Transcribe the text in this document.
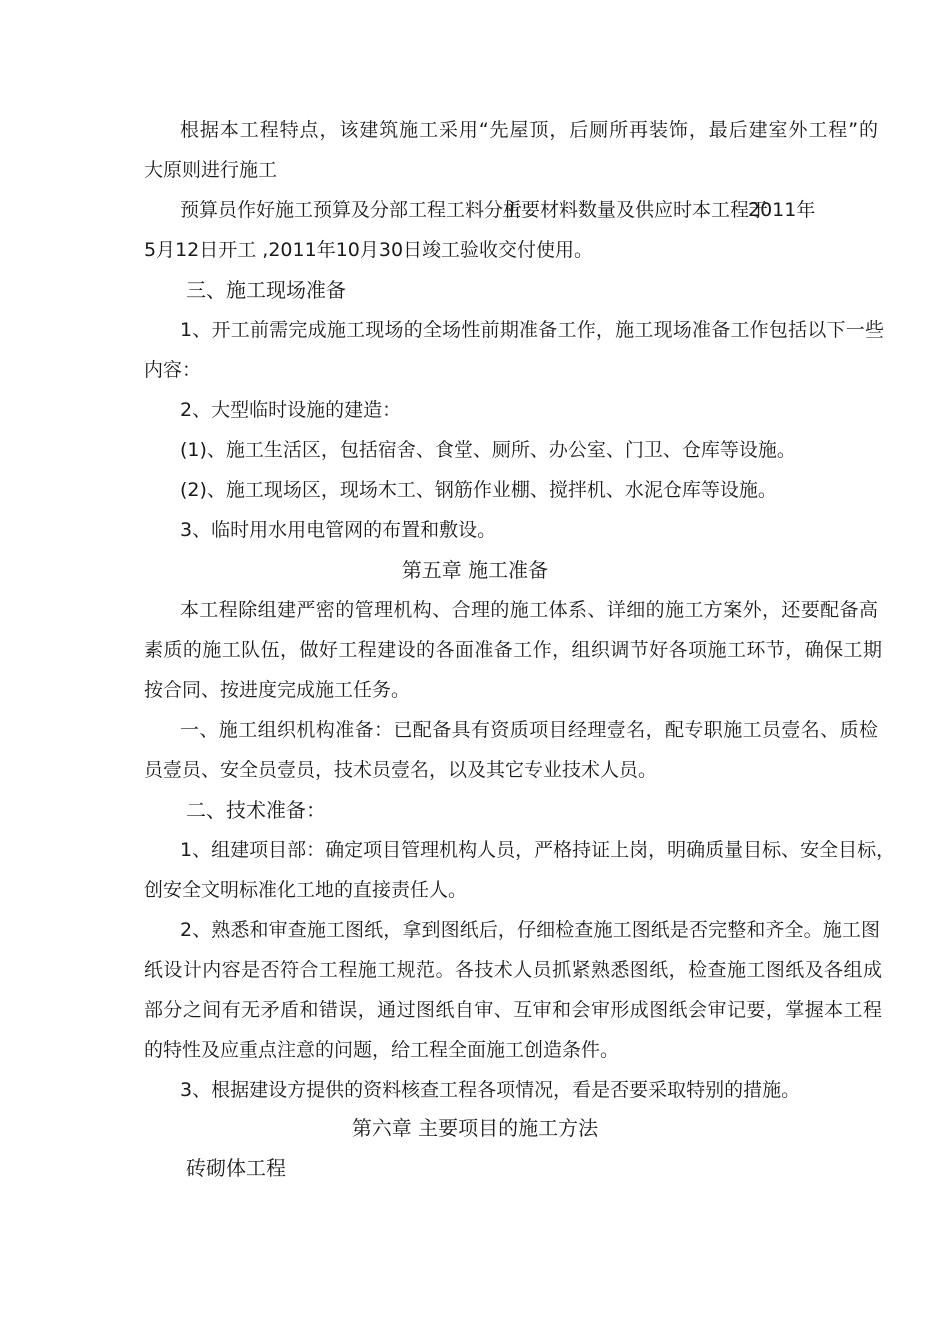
根据本工程特点，该建筑施工采用“先屋顶，后厕所再装饰，最后建室外工程”的
大原则进行施工
预算员作好施工预算及分部工程工料分析
主要材料数量及供应时本工程于
2011年
5月12日开工 ,2011年10月30日竣工验收交付使用。
三、施工现场准备
1、开工前需完成施工现场的全场性前期准备工作，施工现场准备工作包括以下一些
内容：
2、大型临时设施的建造：
(1)、施工生活区，包括宿舍、食堂、厕所、办公室、门卫、仓库等设施。
(2)、施工现场区，现场木工、钢筋作业棚、搅拌机、水泥仓库等设施。
3、临时用水用电管网的布置和敷设。
第五章 施工准备
本工程除组建严密的管理机构、合理的施工体系、详细的施工方案外，还要配备高
素质的施工队伍，做好工程建设的各面准备工作，组织调节好各项施工环节，确保工期
按合同、按进度完成施工任务。
一、施工组织机构准备：已配备具有资质项目经理壹名，配专职施工员壹名、质检
员壹员、安全员壹员，技术员壹名，以及其它专业技术人员。
二、技术准备：
1、组建项目部：确定项目管理机构人员，严格持证上岗，明确质量目标、安全目标，
创安全文明标准化工地的直接责任人。
2、熟悉和审查施工图纸，拿到图纸后，仔细检查施工图纸是否完整和齐全。施工图
纸设计内容是否符合工程施工规范。各技术人员抓紧熟悉图纸，检查施工图纸及各组成
部分之间有无矛盾和错误，通过图纸自审、互审和会审形成图纸会审记要，掌握本工程
的特性及应重点注意的问题，给工程全面施工创造条件。
3、根据建设方提供的资料核查工程各项情况，看是否要采取特别的措施。
第六章 主要项目的施工方法
砖砌体工程
